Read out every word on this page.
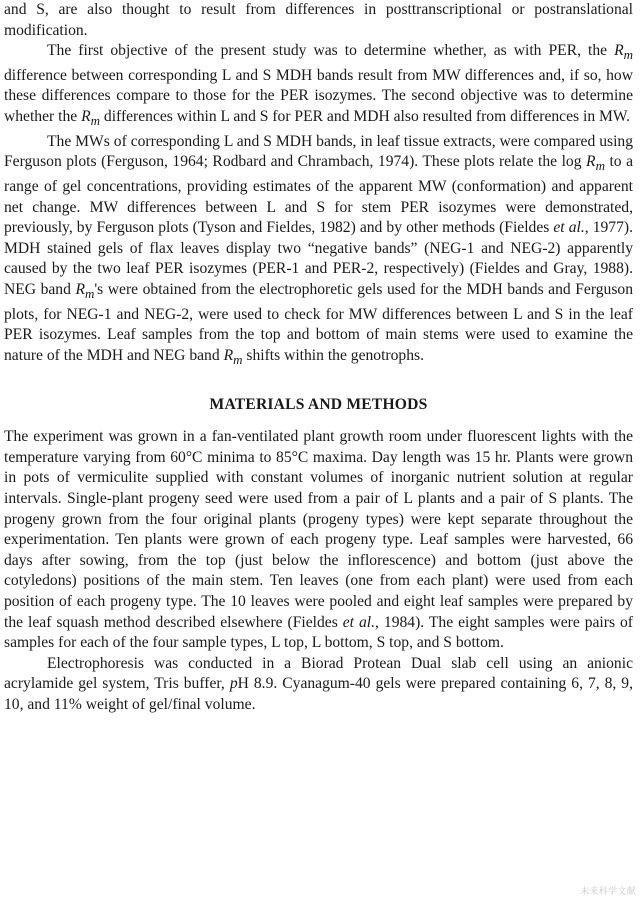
and S, are also thought to result from differences in posttranscriptional or postranslational modification.

The first objective of the present study was to determine whether, as with PER, the $R_m$ difference between corresponding L and S MDH bands result from MW differences and, if so, how these differences compare to those for the PER isozymes. The second objective was to determine whether the $R_m$ differences within L and S for PER and MDH also resulted from differences in MW.

The MWs of corresponding L and S MDH bands, in leaf tissue extracts, were compared using Ferguson plots (Ferguson, 1964; Rodbard and Chrambach, 1974). These plots relate the $\log R_m$ to a range of gel concentrations, providing estimates of the apparent MW (conformation) and apparent net change. MW differences between L and S for stem PER isozymes were demonstrated, previously, by Ferguson plots (Tyson and Fieldes, 1982) and by other methods (Fieldes et al., 1977). MDH stained gels of flax leaves display two “negative bands” (NEG-1 and NEG-2) apparently caused by the two leaf PER isozymes (PER-1 and PER-2, respectively) (Fieldes and Gray, 1988). NEG band $R_m's$ were obtained from the electrophoretic gels used for the MDH bands and Ferguson plots, for NEG-1 and NEG-2, were used to check for MW differences between L and S in the leaf PER isozymes. Leaf samples from the top and bottom of main stems were used to examine the nature of the MDH and NEG band $R_m$ shifts within the genotrophs.

MATERIALS AND METHODS

The experiment was grown in a fan-ventilated plant growth room under fluorescent lights with the temperature varying from 60°C minima to 85°C maxima. Day length was 15 hr. Plants were grown in pots of vermiculite supplied with constant volumes of inorganic nutrient solution at regular intervals. Single-plant progeny seed were used from a pair of L plants and a pair of S plants. The progeny grown from the four original plants (progeny types) were kept separate throughout the experimentation. Ten plants were grown of each progeny type. Leaf samples were harvested, 66 days after sowing, from the top (just below the inflorescence) and bottom (just above the cotyledons) positions of the main stem. Ten leaves (one from each plant) were used from each position of each progeny type. The 10 leaves were pooled and eight leaf samples were prepared by the leaf squash method described elsewhere (Fieldes et al., 1984). The eight samples were pairs of samples for each of the four sample types, L top, L bottom, S top, and S bottom.

Electrophoresis was conducted in a Biorad Protean Dual slab cell using an anionic acrylamide gel system, Tris buffer, pH 8.9. Cyanagum-40 gels were prepared containing 6, 7, 8, 9, 10, and 11% weight of gel/final volume.

未来科学文献
